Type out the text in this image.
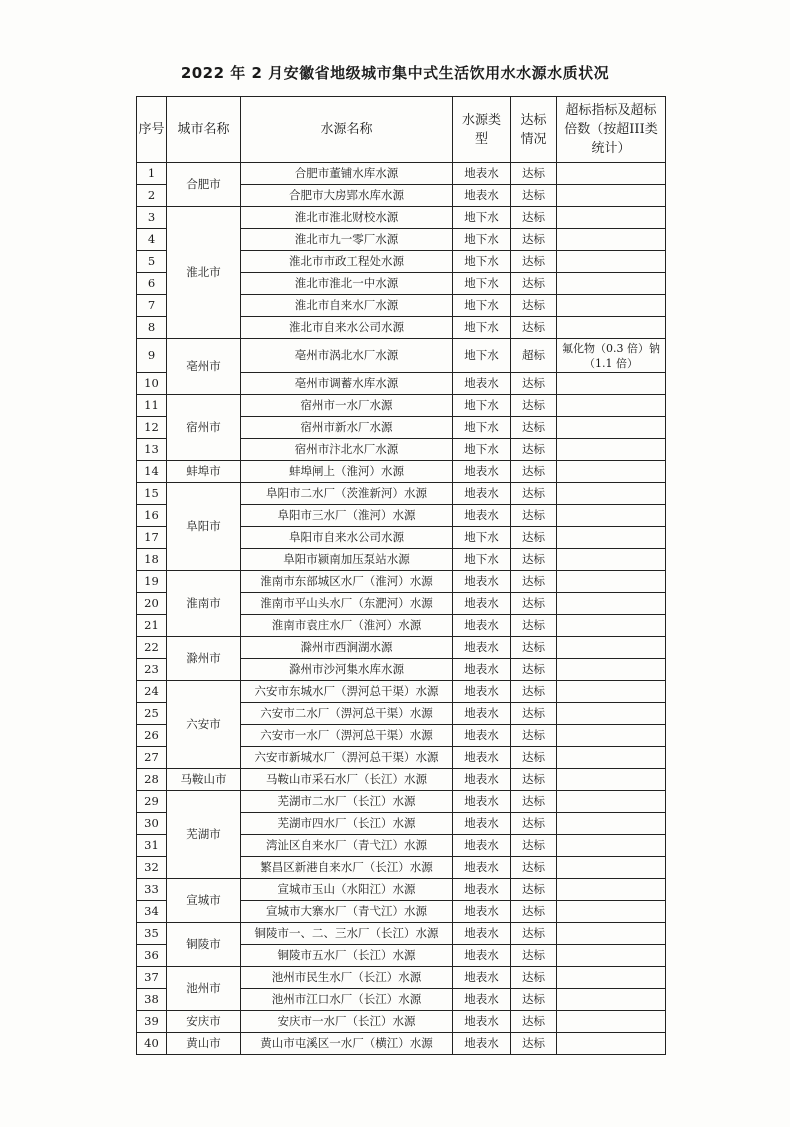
2022 年 2 月安徽省地级城市集中式生活饮用水水源水质状况
序号	城市名称	水源名称	水源类型	达标情况	超标指标及超标倍数（按超III类统计）

1	合肥市	合肥市董铺水库水源	地表水	达标	
2		合肥市大房郢水库水源	地表水	达标	
3	淮北市	淮北市淮北财校水源	地下水	达标	
4		淮北市九一零厂水源	地下水	达标	
5		淮北市市政工程处水源	地下水	达标	
6		淮北市淮北一中水源	地下水	达标	
7		淮北市自来水厂水源	地下水	达标	
8		淮北市自来水公司水源	地下水	达标	
9	亳州市	亳州市涡北水厂水源	地下水	超标	氟化物（0.3 倍）钠（1.1 倍）
10		亳州市调蓄水库水源	地表水	达标	
11	宿州市	宿州市一水厂水源	地下水	达标	
12		宿州市新水厂水源	地下水	达标	
13		宿州市汴北水厂水源	地下水	达标	
14	蚌埠市	蚌埠闸上（淮河）水源	地表水	达标	
15	阜阳市	阜阳市二水厂（茨淮新河）水源	地表水	达标	
16		阜阳市三水厂（淮河）水源	地表水	达标	
17		阜阳市自来水公司水源	地下水	达标	
18		阜阳市颍南加压泵站水源	地下水	达标	
19	淮南市	淮南市东部城区水厂（淮河）水源	地表水	达标	
20		淮南市平山头水厂（东淝河）水源	地表水	达标	
21		淮南市袁庄水厂（淮河）水源	地表水	达标	
22	滁州市	滁州市西涧湖水源	地表水	达标	
23		滁州市沙河集水库水源	地表水	达标	
24	六安市	六安市东城水厂（淠河总干渠）水源	地表水	达标	
25		六安市二水厂（淠河总干渠）水源	地表水	达标	
26		六安市一水厂（淠河总干渠）水源	地表水	达标	
27		六安市新城水厂（淠河总干渠）水源	地表水	达标	
28	马鞍山市	马鞍山市采石水厂（长江）水源	地表水	达标	
29	芜湖市	芜湖市二水厂（长江）水源	地表水	达标	
30		芜湖市四水厂（长江）水源	地表水	达标	
31		湾沚区自来水厂（青弋江）水源	地表水	达标	
32		繁昌区新港自来水厂（长江）水源	地表水	达标	
33	宣城市	宣城市玉山（水阳江）水源	地表水	达标	
34		宣城市大寨水厂（青弋江）水源	地表水	达标	
35	铜陵市	铜陵市一、二、三水厂（长江）水源	地表水	达标	
36		铜陵市五水厂（长江）水源	地表水	达标	
37	池州市	池州市民生水厂（长江）水源	地表水	达标	
38		池州市江口水厂（长江）水源	地表水	达标	
39	安庆市	安庆市一水厂（长江）水源	地表水	达标	
40	黄山市	黄山市屯溪区一水厂（横江）水源	地表水	达标	
